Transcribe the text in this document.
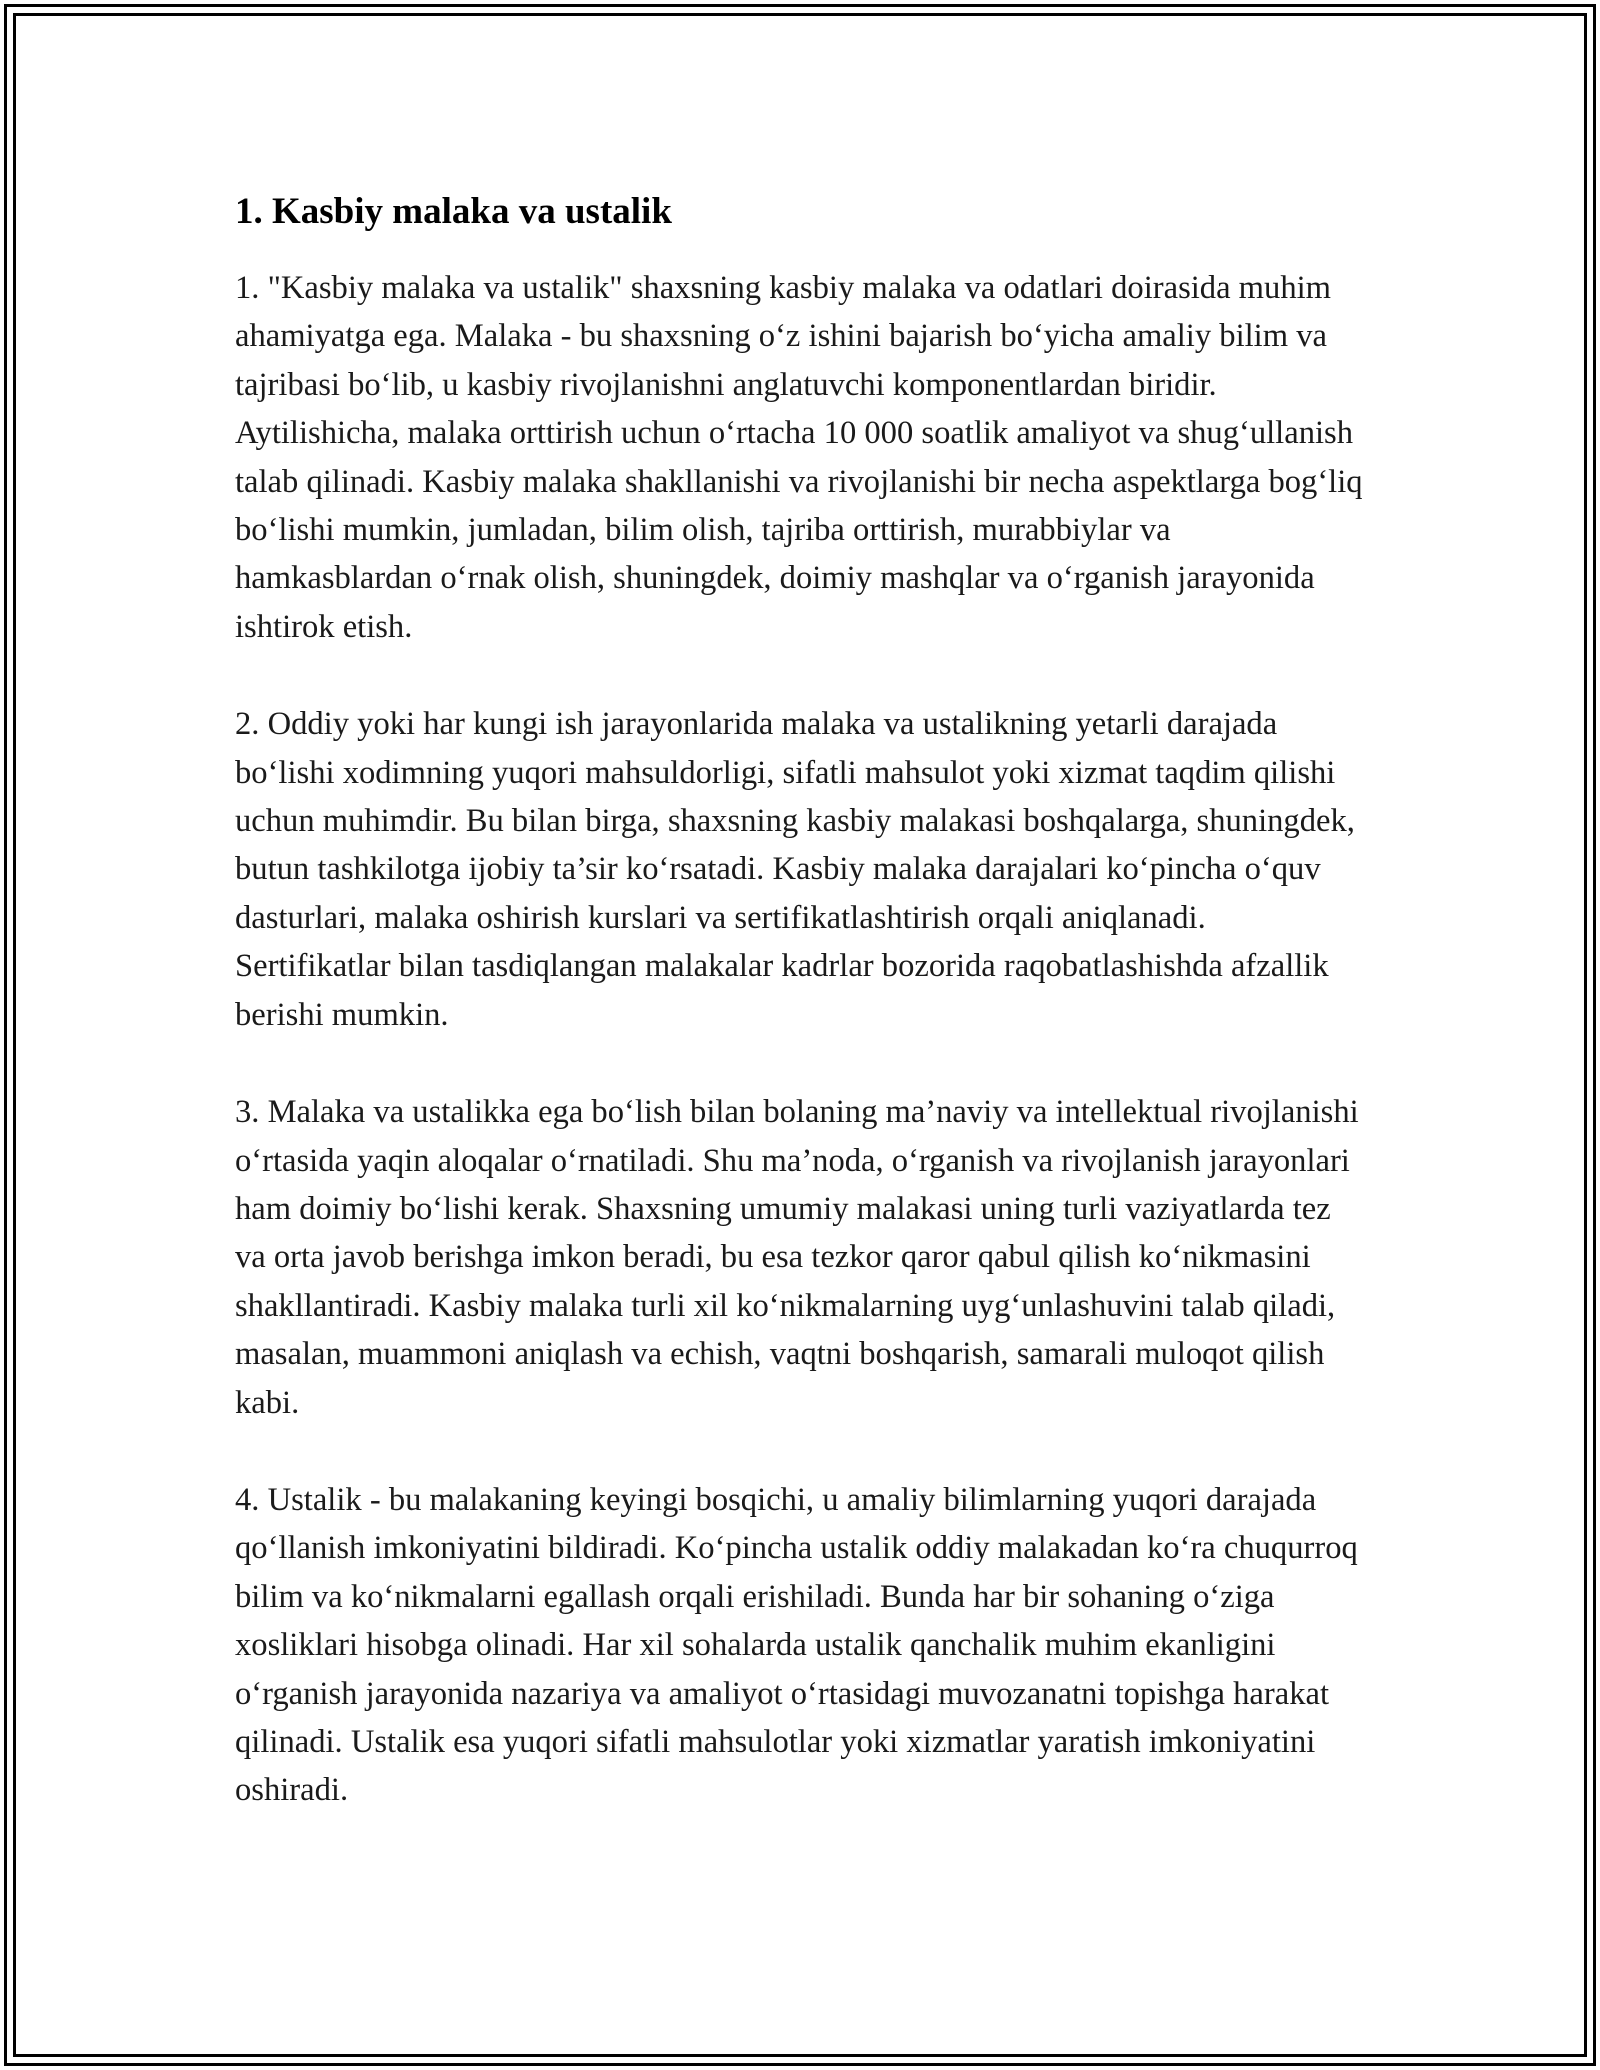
1. Kasbiy malaka va ustalik

1. "Kasbiy malaka va ustalik" shaxsning kasbiy malaka va odatlari doirasida muhim ahamiyatga ega. Malaka - bu shaxsning o‘z ishini bajarish bo‘yicha amaliy bilim va tajribasi bo‘lib, u kasbiy rivojlanishni anglatuvchi komponentlardan biridir. Aytilishicha, malaka orttirish uchun o‘rtacha 10 000 soatlik amaliyot va shug‘ullanish talab qilinadi. Kasbiy malaka shakllanishi va rivojlanishi bir necha aspektlarga bog‘liq bo‘lishi mumkin, jumladan, bilim olish, tajriba orttirish, murabbiylar va hamkasblardan o‘rnak olish, shuningdek, doimiy mashqlar va o‘rganish jarayonida ishtirok etish.

2. Oddiy yoki har kungi ish jarayonlarida malaka va ustalikning yetarli darajada bo‘lishi xodimning yuqori mahsuldorligi, sifatli mahsulot yoki xizmat taqdim qilishi uchun muhimdir. Bu bilan birga, shaxsning kasbiy malakasi boshqalarga, shuningdek, butun tashkilotga ijobiy ta’sir ko‘rsatadi. Kasbiy malaka darajalari ko‘pincha o‘quv dasturlari, malaka oshirish kurslari va sertifikatlashtirish orqali aniqlanadi. Sertifikatlar bilan tasdiqlangan malakalar kadrlar bozorida raqobatlashishda afzallik berishi mumkin.

3. Malaka va ustalikka ega bo‘lish bilan bolaning ma’naviy va intellektual rivojlanishi o‘rtasida yaqin aloqalar o‘rnatiladi. Shu ma’noda, o‘rganish va rivojlanish jarayonlari ham doimiy bo‘lishi kerak. Shaxsning umumiy malakasi uning turli vaziyatlarda tez va orta javob berishga imkon beradi, bu esa tezkor qaror qabul qilish ko‘nikmasini shakllantiradi. Kasbiy malaka turli xil ko‘nikmalarning uyg‘unlashuvini talab qiladi, masalan, muammoni aniqlash va echish, vaqtni boshqarish, samarali muloqot qilish kabi.

4. Ustalik - bu malakaning keyingi bosqichi, u amaliy bilimlarning yuqori darajada qo‘llanish imkoniyatini bildiradi. Ko‘pincha ustalik oddiy malakadan ko‘ra chuqurroq bilim va ko‘nikmalarni egallash orqali erishiladi. Bunda har bir sohaning o‘ziga xosliklari hisobga olinadi. Har xil sohalarda ustalik qanchalik muhim ekanligini o‘rganish jarayonida nazariya va amaliyot o‘rtasidagi muvozanatni topishga harakat qilinadi. Ustalik esa yuqori sifatli mahsulotlar yoki xizmatlar yaratish imkoniyatini oshiradi.
